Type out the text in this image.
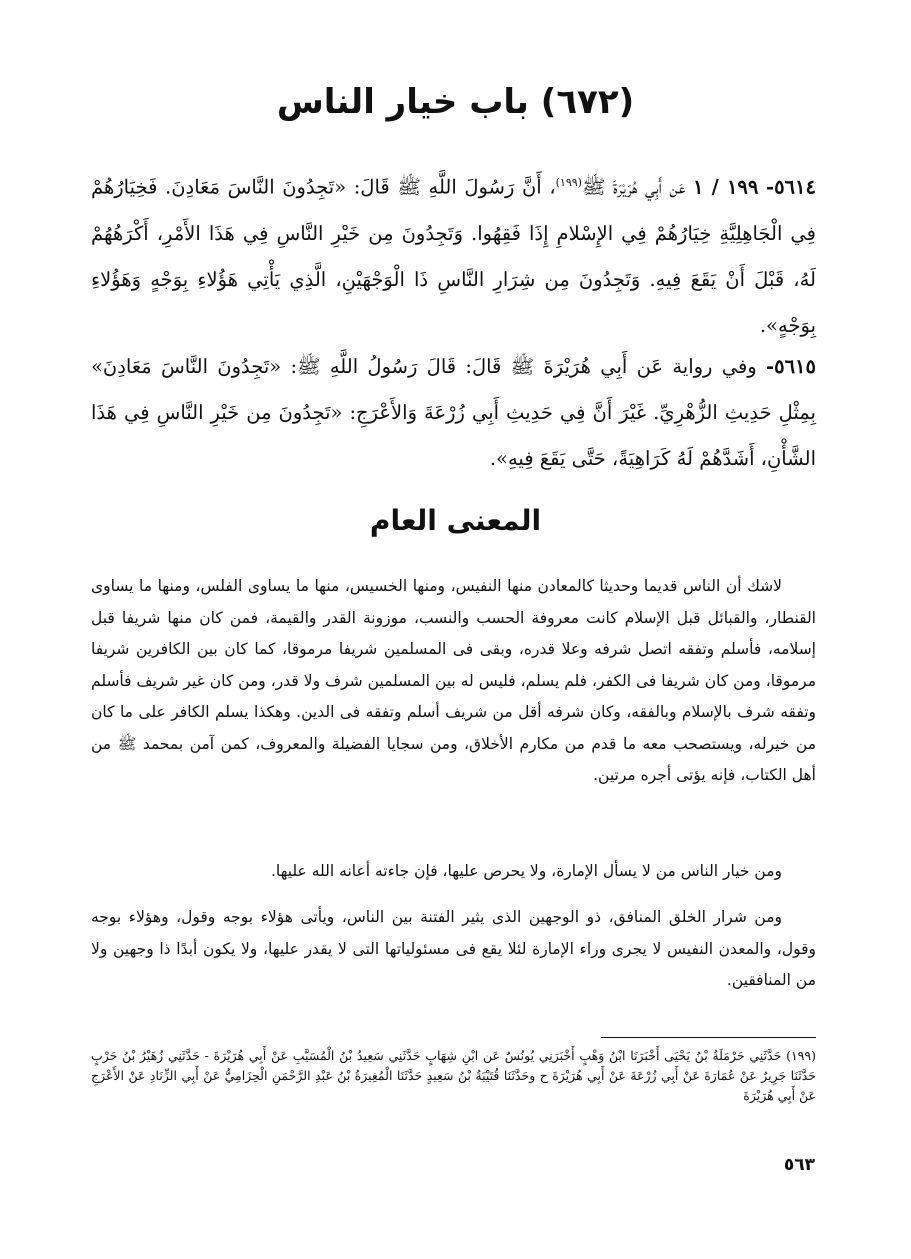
(٦٧٢) باب خيار الناس

٥٦١٤- ١٩٩ / ١ عَن أَبِي هُرَيْرَةَ ﷺ$^{(١٩٩)}$، أَنَّ رَسُولَ اللَّهِ ﷺ قَالَ: «تَجِدُونَ النَّاسَ مَعَادِنَ. فَخِيَارُهُمْ فِي الْجَاهِلِيَّةِ خِيَارُهُمْ فِي الإِسْلامِ إِذَا فَقِهُوا. وَتَجِدُونَ مِن خَيْرِ النَّاسِ فِي هَذَا الأَمْرِ، أَكْرَهُهُمْ لَهُ، قَبْلَ أَنْ يَقَعَ فِيهِ. وَتَجِدُونَ مِن شِرَارِ النَّاسِ ذَا الْوَجْهَيْنِ، الَّذِي يَأْتِي هَؤُلاءِ بِوَجْهٍ وَهَؤُلاءِ بِوَجْهٍ».

٥٦١٥- وفي رواية عَن أَبِي هُرَيْرَةَ ﷺ قَالَ: قَالَ رَسُولُ اللَّهِ ﷺ: «تَجِدُونَ النَّاسَ مَعَادِنَ» بِمِثْلِ حَدِيثِ الزُّهْرِيِّ. غَيْرَ أَنَّ فِي حَدِيثِ أَبِي زُرْعَةَ وَالأَعْرَجِ: «تَجِدُونَ مِن خَيْرِ النَّاسِ فِي هَذَا الشَّأْنِ، أَشَدَّهُمْ لَهُ كَرَاهِيَةً، حَتَّى يَقَعَ فِيهِ».

المعنى العام

لاشك أن الناس قديما وحديثا كالمعادن منها النفيس، ومنها الخسيس، منها ما يساوى الفلس، ومنها ما يساوى القنطار، والقبائل قبل الإسلام كانت معروفة الحسب والنسب، موزونة القدر والقيمة، فمن كان منها شريفا قبل إسلامه، فأسلم وتفقه اتصل شرفه وعلا قدره، وبقى فى المسلمين شريفا مرموقا، كما كان بين الكافرين شريفا مرموقا، ومن كان شريفا فى الكفر، فلم يسلم، فليس له بين المسلمين شرف ولا قدر، ومن كان غير شريف فأسلم وتفقه شرف بالإسلام وبالفقه، وكان شرفه أقل من شريف أسلم وتفقه فى الدين. وهكذا يسلم الكافر على ما كان من خيرله، ويستصحب معه ما قدم من مكارم الأخلاق، ومن سجايا الفضيلة والمعروف، كمن آمن بمحمد ﷺ من أهل الكتاب، فإنه يؤتى أجره مرتين.

ومن خيار الناس من لا يسأل الإمارة، ولا يحرص عليها، فإن جاءته أعانه الله عليها.

ومن شرار الخلق المنافق، ذو الوجهين الذى يثير الفتنة بين الناس، ويأتى هؤلاء بوجه وقول، وهؤلاء بوجه وقول، والمعدن النفيس لا يجرى وراء الإمارة لئلا يقع فى مسئولياتها التى لا يقدر عليها، ولا يكون أبدًا ذا وجهين ولا من المنافقين.

(١٩٩) حَدَّثَنِي حَرْمَلَةُ بْنُ يَحْيَى أَخْبَرَنَا ابْنُ وَهْبٍ أَخْبَرَنِي يُونُسُ عَن ابْنِ شِهَابٍ حَدَّثَنِي سَعِيدُ بْنُ الْمُسَيَّبِ عَنْ أَبِي هُرَيْرَةَ - حَدَّثَنِي زُهَيْرُ بْنُ حَرْبٍ حَدَّثَنَا جَرِيرٌ عَنْ عُمَارَةَ عَنْ أَبِي زُرْعَةَ عَنْ أَبِي هُرَيْرَةَ ح وحَدَّثَنَا قُتَيْبَةُ بْنُ سَعِيدٍ حَدَّثَنَا الْمُغِيرَةُ بْنُ عَبْدِ الرَّحْمَنِ الْحِزَامِيُّ عَنْ أَبِي الزِّنَادِ عَنْ الأَعْرَجِ عَنْ أَبِي هُرَيْرَةَ

٥٦٣
